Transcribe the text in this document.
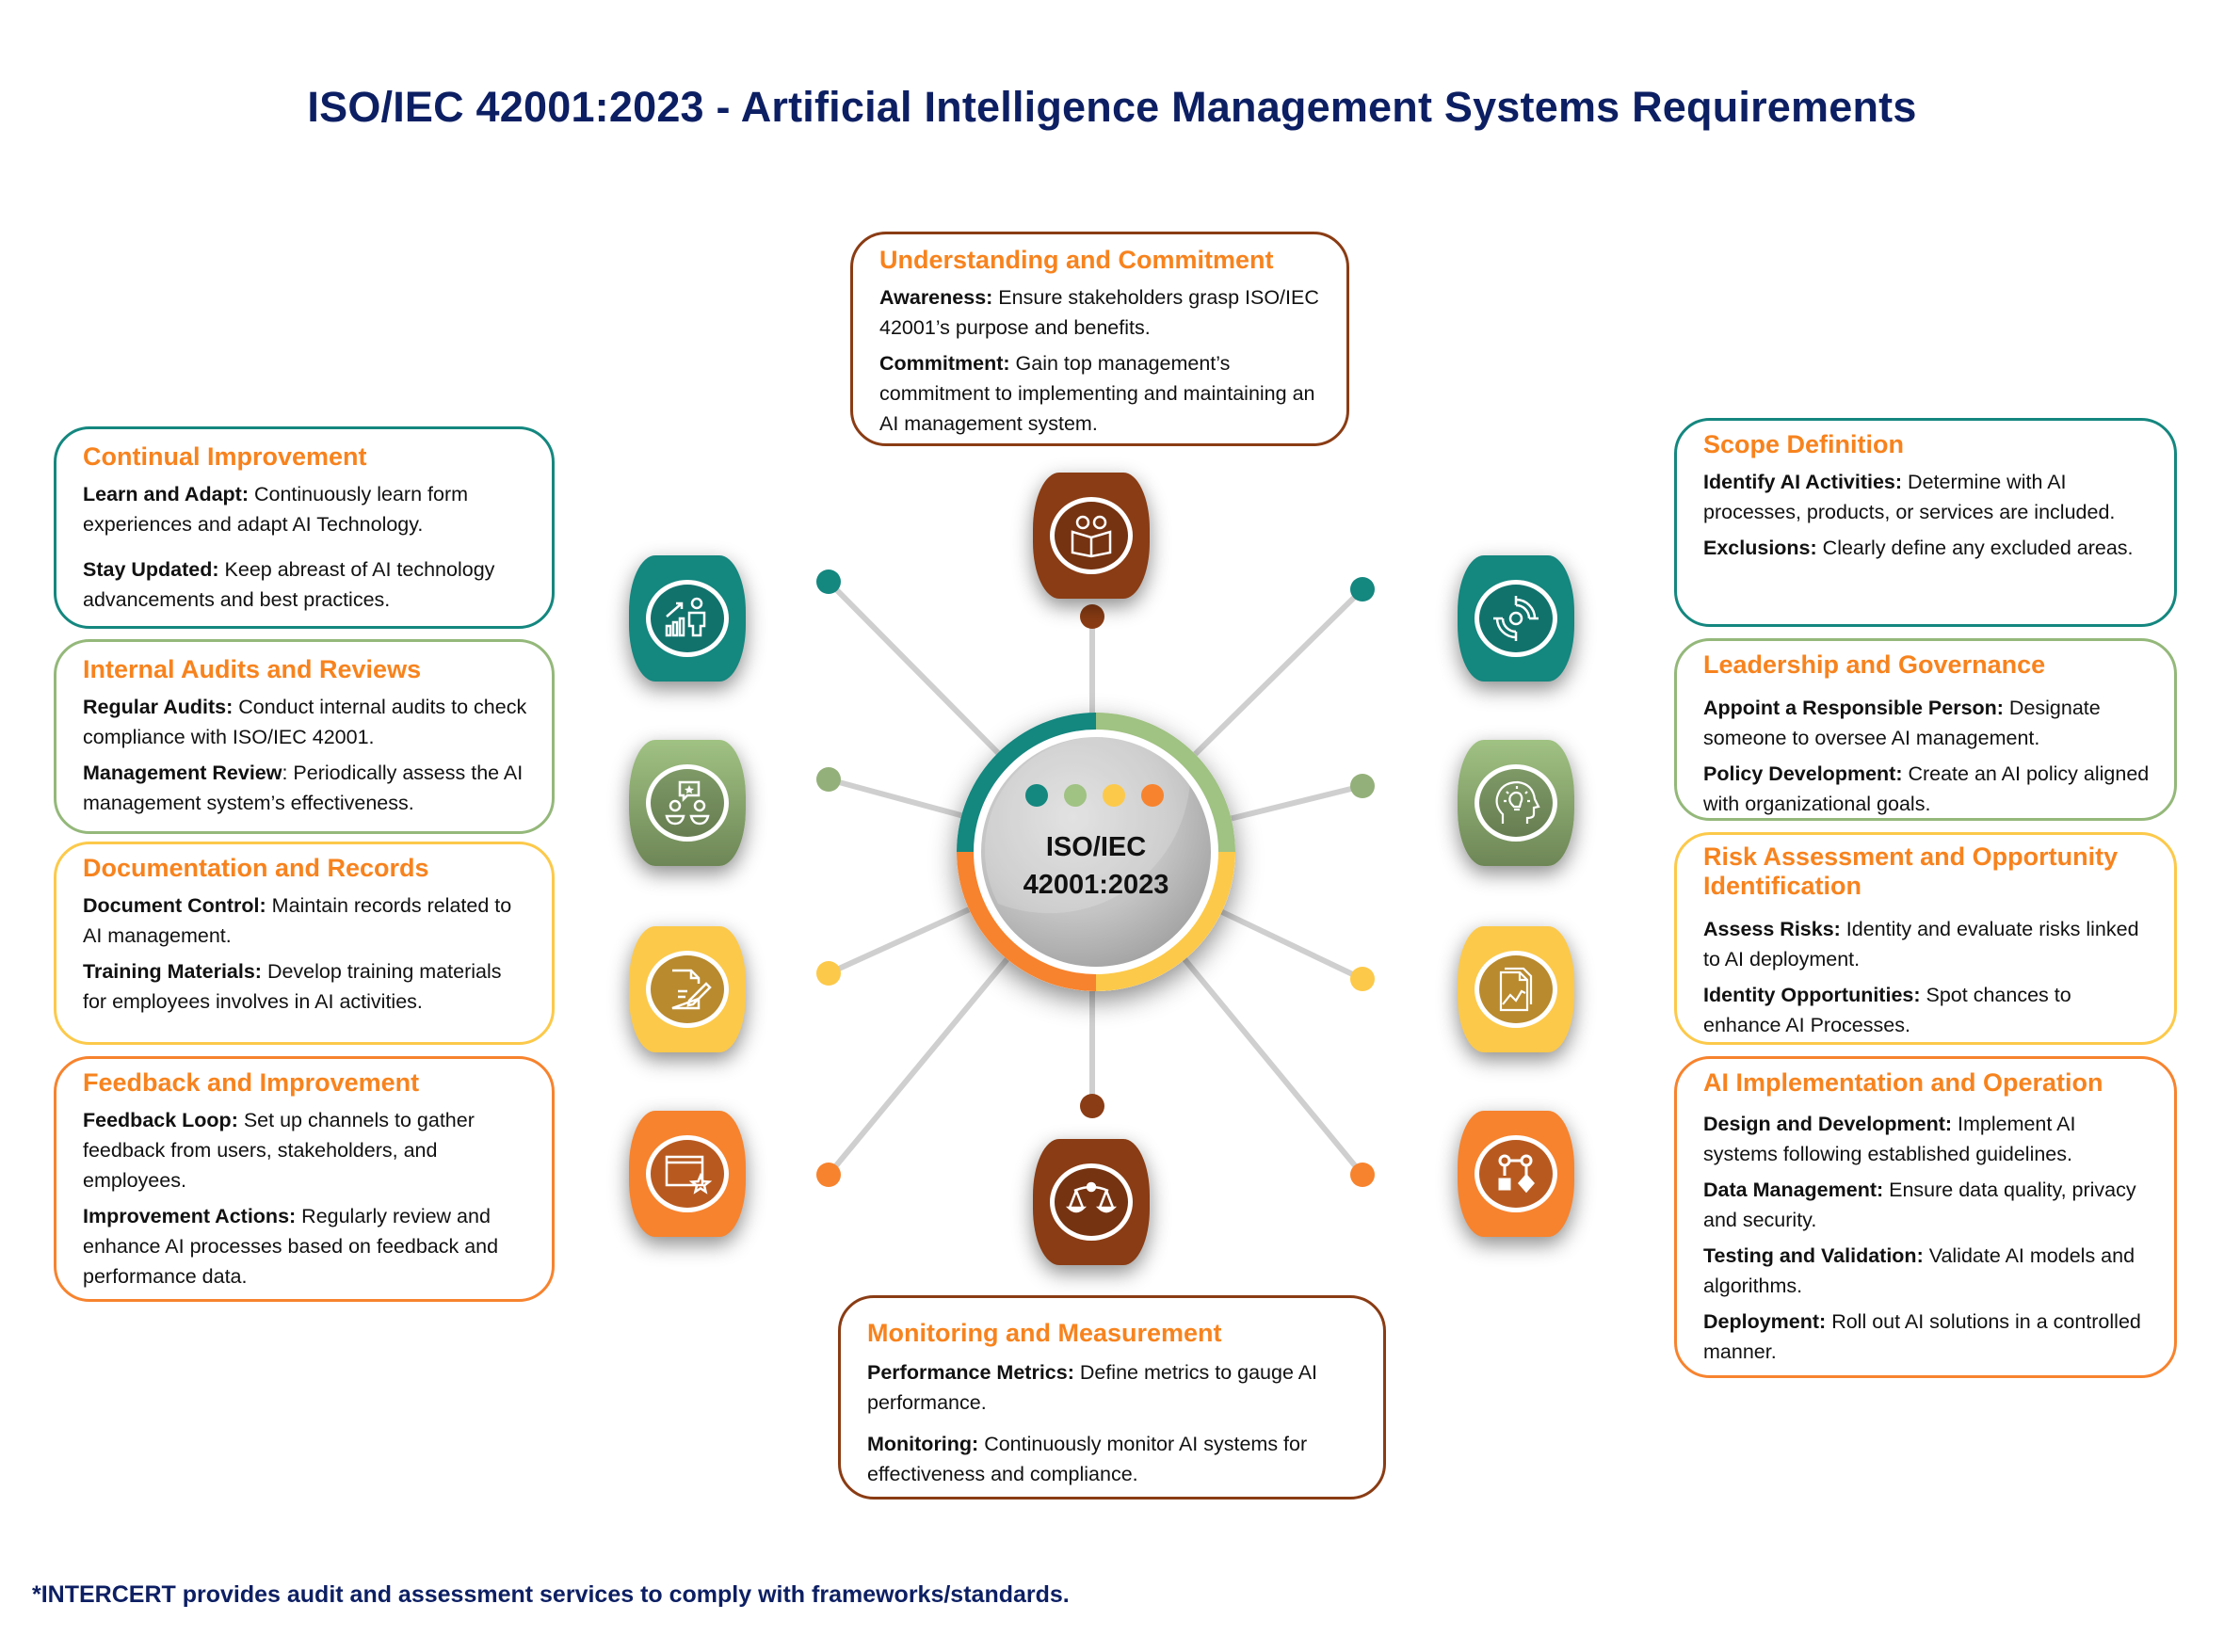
ISO/IEC 42001:2023 - Artificial Intelligence Management Systems Requirements
ISO/IEC
42001:2023
Understanding and Commitment

Awareness: Ensure stakeholders grasp ISO/IEC 42001’s purpose and benefits.

Commitment: Gain top management’s commitment to implementing and maintaining an AI management system.

Continual Improvement

Learn and Adapt: Continuously learn form experiences and adapt AI Technology.

Stay Updated: Keep abreast of AI technology advancements and best practices.

Internal Audits and Reviews

Regular Audits: Conduct internal audits to check compliance with ISO/IEC 42001.

Management Review: Periodically assess the AI management system’s effectiveness.

Documentation and Records

Document Control: Maintain records related to AI management.

Training Materials: Develop training materials for employees involves in AI activities.

Feedback and Improvement

Feedback Loop: Set up channels to gather feedback from users, stakeholders, and employees.

Improvement Actions: Regularly review and enhance AI processes based on feedback and performance data.

Scope Definition

Identify AI Activities: Determine with AI processes, products, or services are included.

Exclusions: Clearly define any excluded areas.

Leadership and Governance

Appoint a Responsible Person: Designate someone to oversee AI management.

Policy Development: Create an AI policy aligned with organizational goals.

Risk Assessment and Opportunity Identification

Assess Risks: Identity and evaluate risks linked to AI deployment.

Identity Opportunities: Spot chances to enhance AI Processes.

AI Implementation and Operation

Design and Development: Implement AI systems following established guidelines.

Data Management: Ensure data quality, privacy and security.

Testing and Validation: Validate AI models and algorithms.

Deployment: Roll out AI solutions in a controlled manner.

Monitoring and Measurement

Performance Metrics: Define metrics to gauge AI performance.

Monitoring: Continuously monitor AI systems for effectiveness and compliance.

*INTERCERT provides audit and assessment services to comply with frameworks/standards.
